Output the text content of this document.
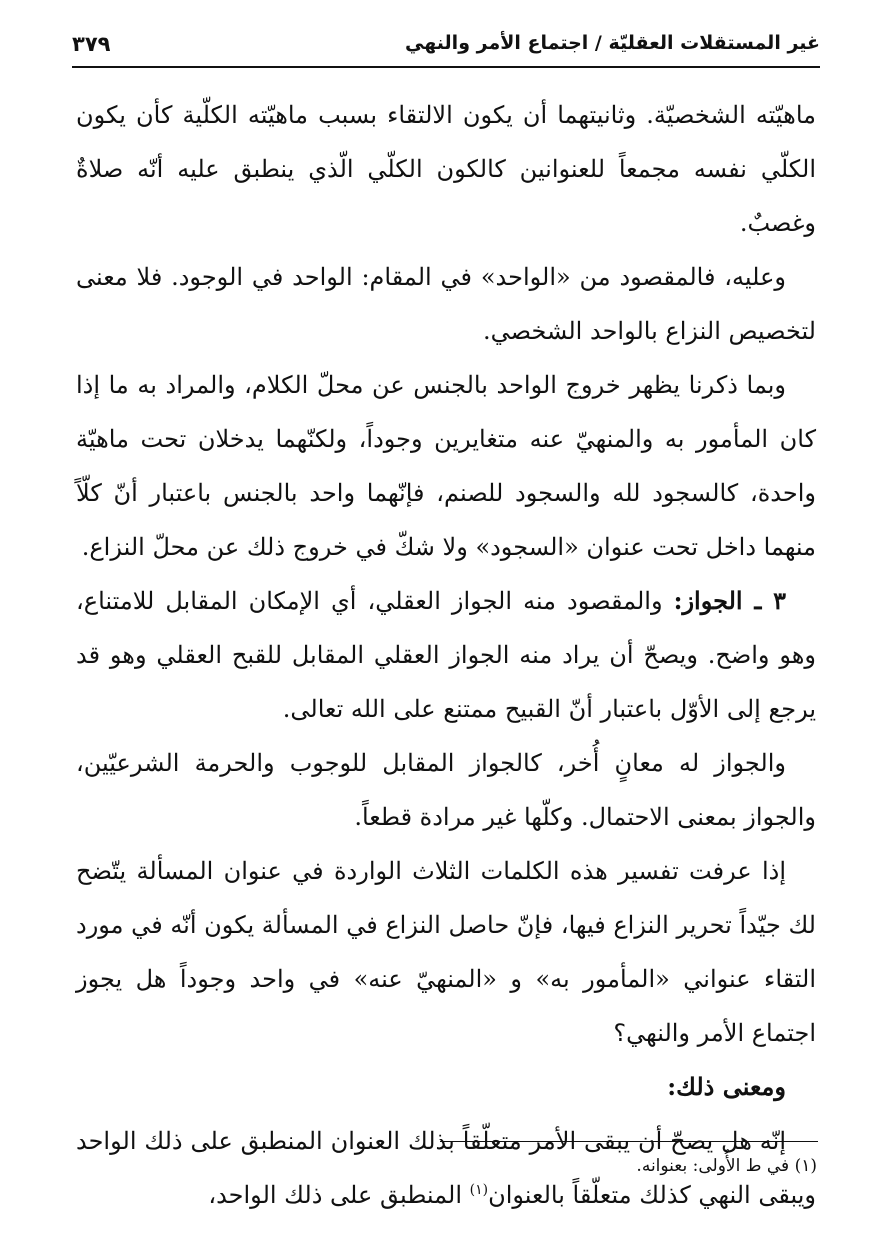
غير المستقلات العقليّة / اجتماع الأمر والنهي
٣٧٩

ماهيّته الشخصيّة. وثانيتهما أن يكون الالتقاء بسبب ماهيّته الكلّية كأن يكون الكلّي نفسه مجمعاً للعنوانين كالكون الكلّي الّذي ينطبق عليه أنّه صلاةٌ وغصبٌ.

وعليه، فالمقصود من «الواحد» في المقام: الواحد في الوجود. فلا معنى لتخصيص النزاع بالواحد الشخصي.

وبما ذكرنا يظهر خروج الواحد بالجنس عن محلّ الكلام، والمراد به ما إذا كان المأمور به والمنهيّ عنه متغايرين وجوداً، ولكنّهما يدخلان تحت ماهيّة واحدة، كالسجود لله والسجود للصنم، فإنّهما واحد بالجنس باعتبار أنّ كلّاً منهما داخل تحت عنوان «السجود» ولا شكّ في خروج ذلك عن محلّ النزاع.

٣ ـ الجواز: والمقصود منه الجواز العقلي، أي الإمكان المقابل للامتناع، وهو واضح. ويصحّ أن يراد منه الجواز العقلي المقابل للقبح العقلي وهو قد يرجع إلى الأوّل باعتبار أنّ القبيح ممتنع على الله تعالى.

والجواز له معانٍ أُخر، كالجواز المقابل للوجوب والحرمة الشرعيّين، والجواز بمعنى الاحتمال. وكلّها غير مرادة قطعاً.

إذا عرفت تفسير هذه الكلمات الثلاث الواردة في عنوان المسألة يتّضح لك جيّداً تحرير النزاع فيها، فإنّ حاصل النزاع في المسألة يكون أنّه في مورد التقاء عنواني «المأمور به» و «المنهيّ عنه» في واحد وجوداً هل يجوز اجتماع الأمر والنهي؟

ومعنى ذلك:

إنّه هل يصحّ أن يبقى الأمر متعلّقاً بذلك العنوان المنطبق على ذلك الواحد ويبقى النهي كذلك متعلّقاً بالعنوان$^{(١)}$ المنطبق على ذلك الواحد،

(١) في ط الأُولى: بعنوانه.
